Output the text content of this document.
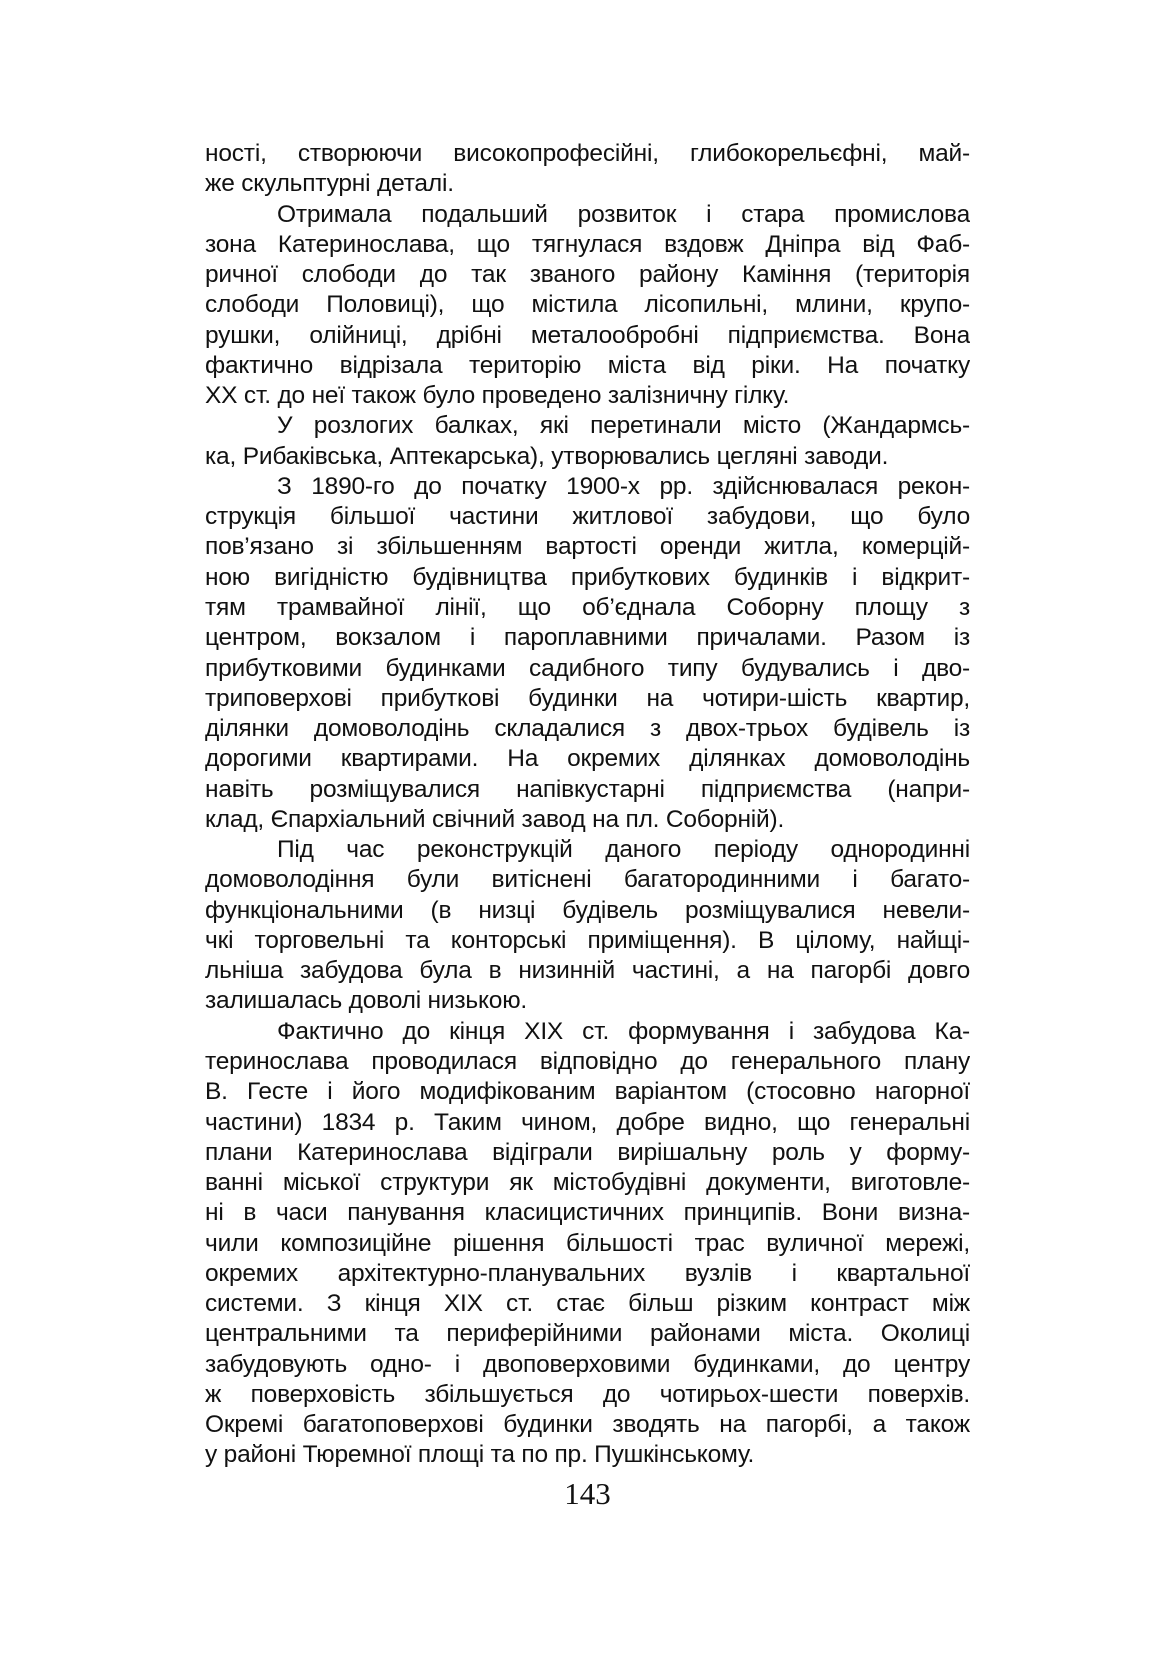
ності, створюючи високопрофесійні, глибокорельєфні, май-
же скульптурні деталі.
Отримала подальший розвиток і стара промислова
зона Катеринослава, що тягнулася вздовж Дніпра від Фаб-
ричної слободи до так званого району Каміння (територія
слободи Половиці), що містила лісопильні, млини, крупо-
рушки, олійниці, дрібні металообробні підприємства. Вона
фактично відрізала територію міста від ріки. На початку
XX ст. до неї також було проведено залізничну гілку.
У розлогих балках, які перетинали місто (Жандармсь-
ка, Рибаківська, Аптекарська), утворювались цегляні заводи.
З 1890-го до початку 1900-х рр. здійснювалася рекон-
струкція більшої частини житлової забудови, що було
пов’язано зі збільшенням вартості оренди житла, комерцій-
ною вигідністю будівництва прибуткових будинків і відкрит-
тям трамвайної лінії, що об’єднала Соборну площу з
центром, вокзалом і пароплавними причалами. Разом із
прибутковими будинками садибного типу будувались і дво-
триповерхові прибуткові будинки на чотири-шість квартир,
ділянки домоволодінь складалися з двох-трьох будівель із
дорогими квартирами. На окремих ділянках домоволодінь
навіть розміщувалися напівкустарні підприємства (напри-
клад, Єпархіальний свічний завод на пл. Соборній).
Під час реконструкцій даного періоду однородинні
домоволодіння були витіснені багатородинними і багато-
функціональними (в низці будівель розміщувалися невели-
чкі торговельні та конторські приміщення). В цілому, найщі-
льніша забудова була в низинній частині, а на пагорбі довго
залишалась доволі низькою.
Фактично до кінця XIX ст. формування і забудова Ка-
теринослава проводилася відповідно до генерального плану
В. Гесте і його модифікованим варіантом (стосовно нагорної
частини) 1834 р. Таким чином, добре видно, що генеральні
плани Катеринослава відіграли вирішальну роль у форму-
ванні міської структури як містобудівні документи, виготовле-
ні в часи панування класицистичних принципів. Вони визна-
чили композиційне рішення більшості трас вуличної мережі,
окремих архітектурно-планувальних вузлів і квартальної
системи. З кінця XIX ст. стає більш різким контраст між
центральними та периферійними районами міста. Околиці
забудовують одно- і двоповерховими будинками, до центру
ж поверховість збільшується до чотирьох-шести поверхів.
Окремі багатоповерхові будинки зводять на пагорбі, а також
у районі Тюремної площі та по пр. Пушкінському.
143
